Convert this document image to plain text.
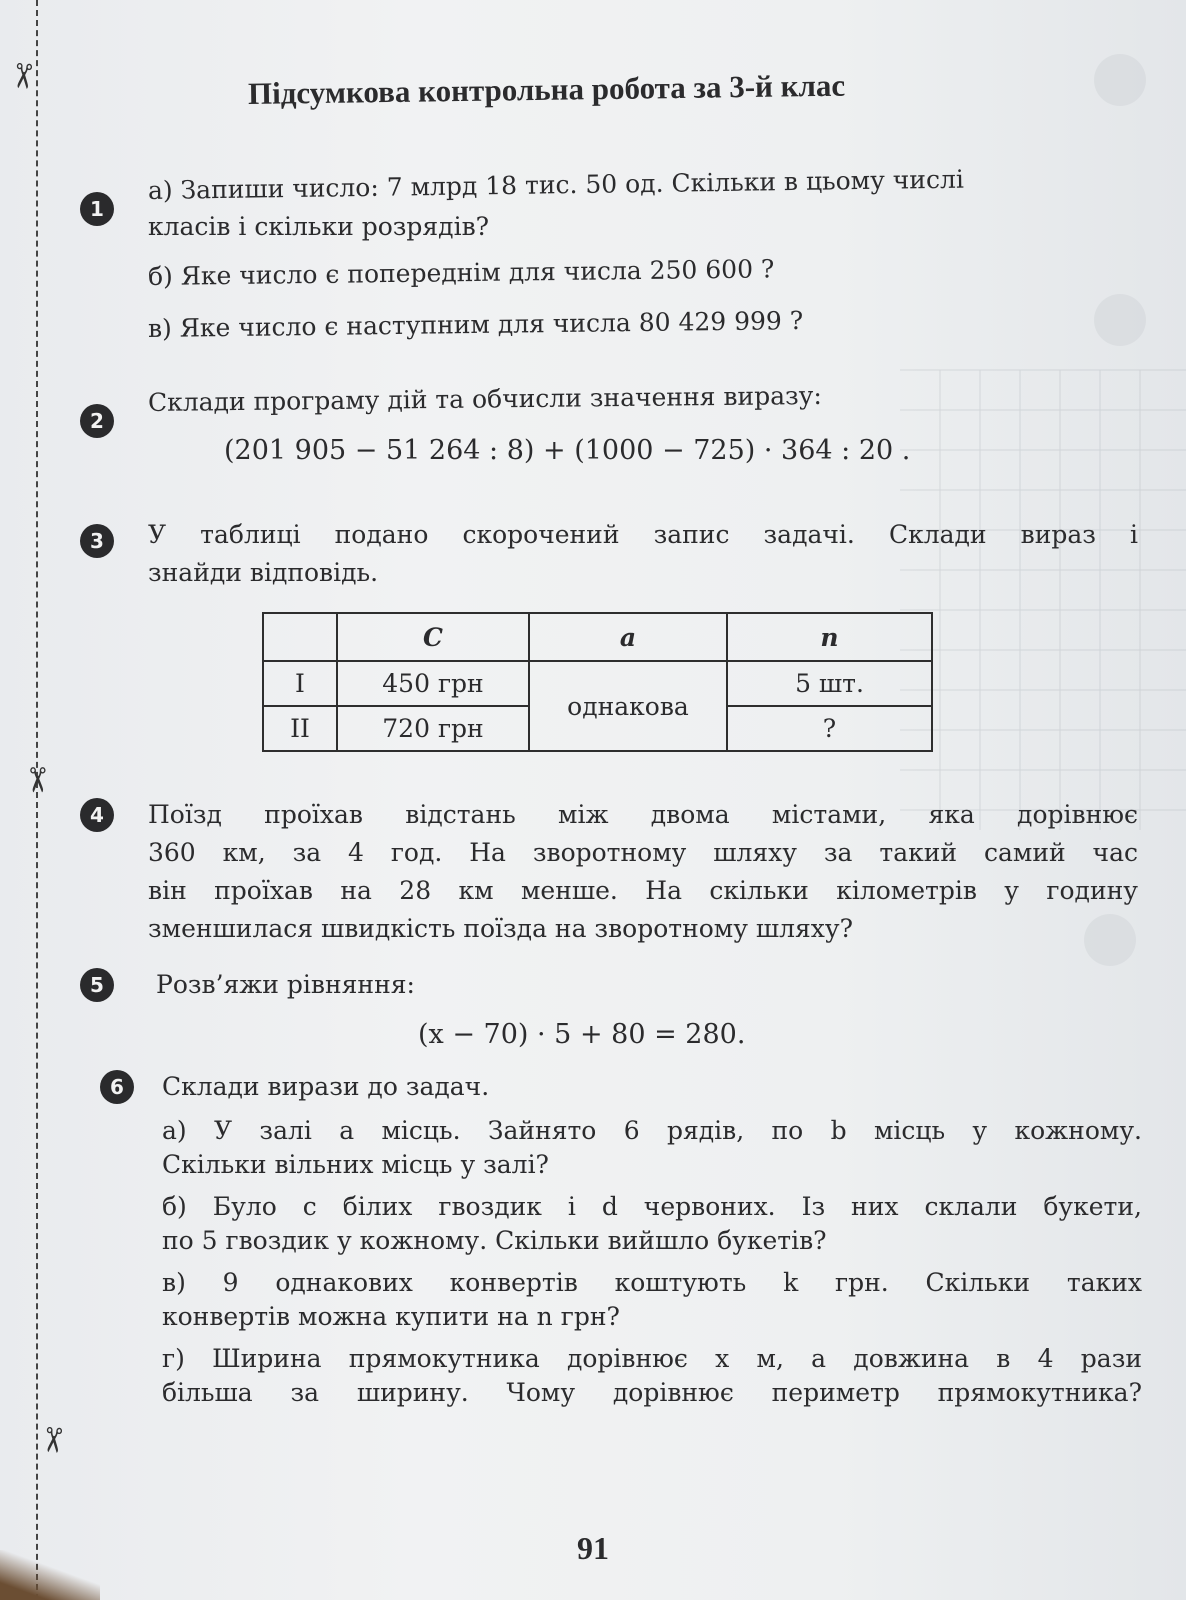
✂
✂
✂
Підсумкова контрольна робота за 3-й клас
1
а) Запиши число: 7 млрд 18 тис. 50 од. Скільки в цьому числі
класів і скільки розрядів?
б) Яке число є попереднім для числа 250 600 ?
в) Яке число є наступним для числа 80 429 999 ?
2
Склади програму дій та обчисли значення виразу:
(201 905 − 51 264 : 8) + (1000 − 725) · 364 : 20 .
3	У таблиці подано скорочений запис задачі. Склади вираз і
знайди відповідь.
	C	a	n
I	450 грн	однакова	5 шт.
II	720 грн		?
4	Поїзд проїхав відстань між двома містами, яка дорівнює
360 км, за 4 год. На зворотному шляху за такий самий час
він проїхав на 28 км менше. На скільки кілометрів у годину
зменшилася швидкість поїзда на зворотному шляху?
5	Розв’яжи рівняння:
(x − 70) · 5 + 80 = 280.
6	Склади вирази до задач.
а) У залі a місць. Зайнято 6 рядів, по b місць у кожному.
Скільки вільних місць у залі?
б) Було c білих гвоздик і d червоних. Із них склали букети,
по 5 гвоздик у кожному. Скільки вийшло букетів?
в) 9 однакових конвертів коштують k грн. Скільки таких
конвертів можна купити на n грн?
г) Ширина прямокутника дорівнює x м, а довжина в 4 рази
більша за ширину. Чому дорівнює периметр прямокутника?
91
